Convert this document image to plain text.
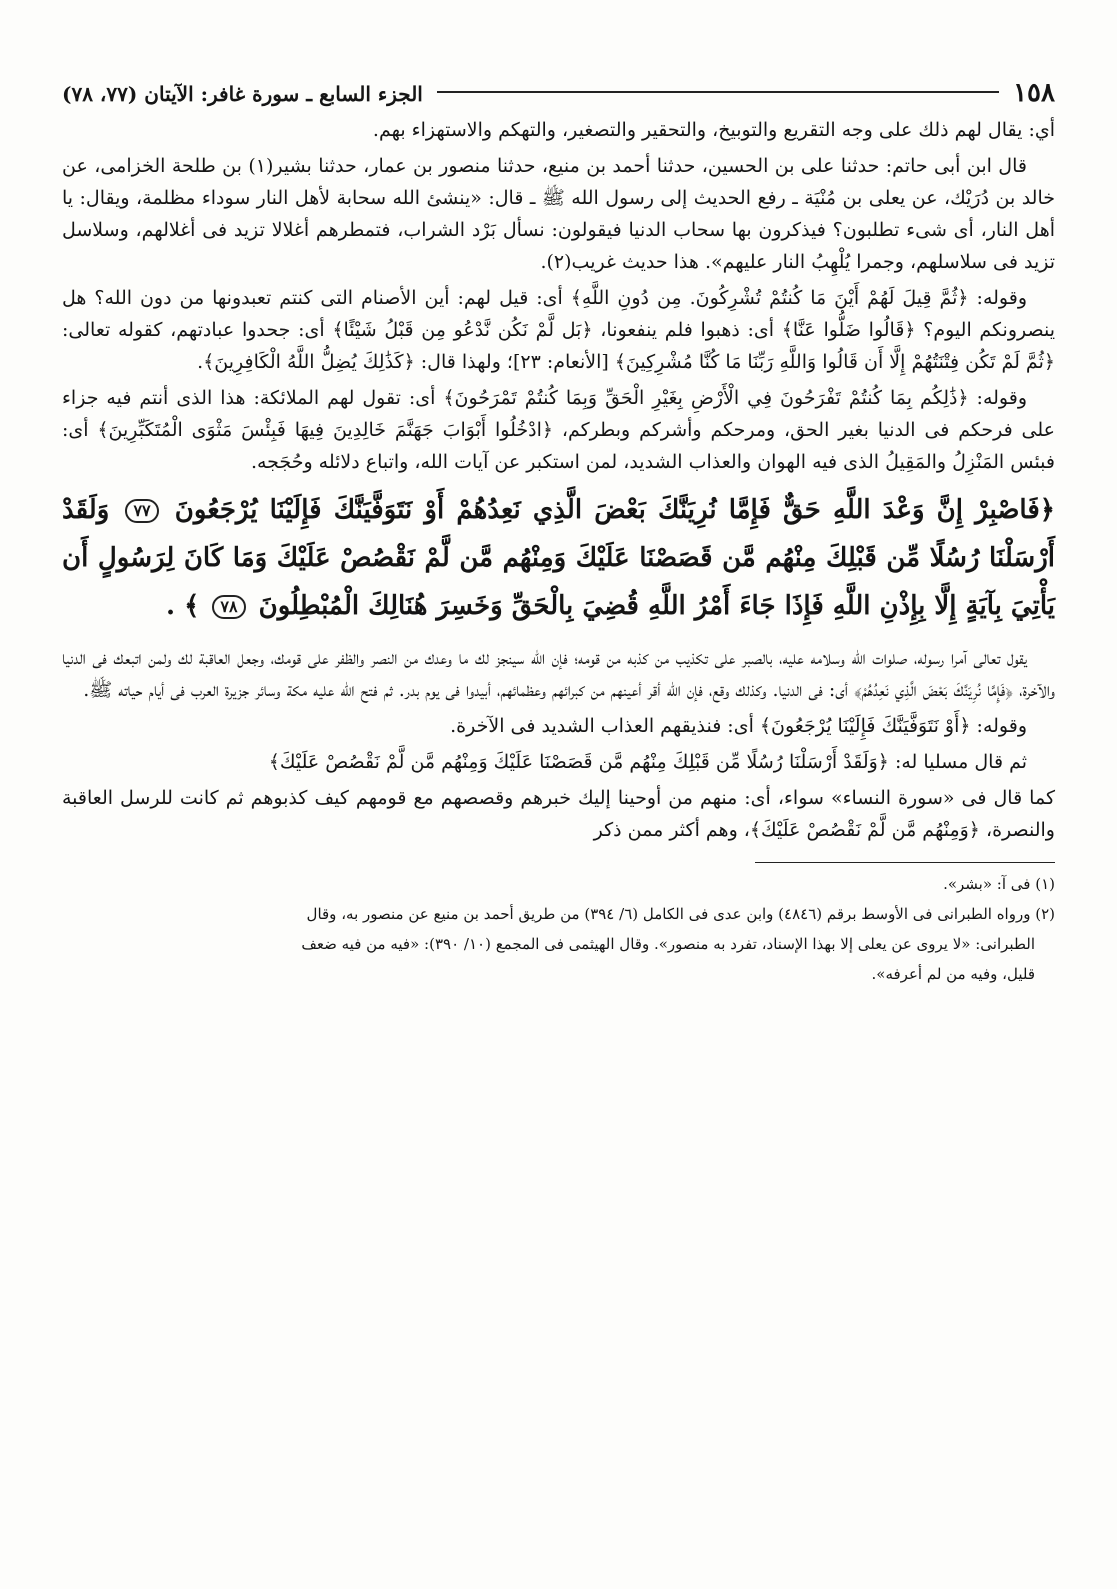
١٥٨
الجزء السابع ـ سورة غافر: الآيتان (٧٧، ٧٨)

أي: يقال لهم ذلك على وجه التقريع والتوبيخ، والتحقير والتصغير، والتهكم والاستهزاء بهم.

قال ابن أبى حاتم: حدثنا على بن الحسين، حدثنا أحمد بن منيع، حدثنا منصور بن عمار، حدثنا بشير(١) بن طلحة الخزامى، عن خالد بن دُرَيْك، عن يعلى بن مُنْيَة ـ رفع الحديث إلى رسول الله ﷺ ـ قال: «ينشئ الله سحابة لأهل النار سوداء مظلمة، ويقال: يا أهل النار، أى شىء تطلبون؟ فيذكرون بها سحاب الدنيا فيقولون: نسأل بَرْد الشراب، فتمطرهم أغلالا تزيد فى أغلالهم، وسلاسل تزيد فى سلاسلهم، وجمرا يُلْهِبُ النار عليهم». هذا حديث غريب(٢).

وقوله: ﴿ثُمَّ قِيلَ لَهُمْ أَيْنَ مَا كُنتُمْ تُشْرِكُونَ. مِن دُونِ اللَّهِ﴾ أى: قيل لهم: أين الأصنام التى كنتم تعبدونها من دون الله؟ هل ينصرونكم اليوم؟ ﴿قَالُوا ضَلُّوا عَنَّا﴾ أى: ذهبوا فلم ينفعونا، ﴿بَل لَّمْ نَكُن نَّدْعُو مِن قَبْلُ شَيْئًا﴾ أى: جحدوا عبادتهم، كقوله تعالى: ﴿ثُمَّ لَمْ تَكُن فِتْنَتُهُمْ إِلَّا أَن قَالُوا وَاللَّهِ رَبِّنَا مَا كُنَّا مُشْرِكِينَ﴾ [الأنعام: ٢٣]؛ ولهذا قال: ﴿كَذَٰلِكَ يُضِلُّ اللَّهُ الْكَافِرِينَ﴾.

وقوله: ﴿ذَٰلِكُم بِمَا كُنتُمْ تَفْرَحُونَ فِي الْأَرْضِ بِغَيْرِ الْحَقِّ وَبِمَا كُنتُمْ تَمْرَحُونَ﴾ أى: تقول لهم الملائكة: هذا الذى أنتم فيه جزاء على فرحكم فى الدنيا بغير الحق، ومرحكم وأشركم وبطركم، ﴿ادْخُلُوا أَبْوَابَ جَهَنَّمَ خَالِدِينَ فِيهَا فَبِئْسَ مَثْوَى الْمُتَكَبِّرِينَ﴾ أى: فبئس المَنْزِلُ والمَقِيلُ الذى فيه الهوان والعذاب الشديد، لمن استكبر عن آيات الله، واتباع دلائله وحُجَجه.

﴿فَاصْبِرْ إِنَّ وَعْدَ اللَّهِ حَقٌّ فَإِمَّا نُرِيَنَّكَ بَعْضَ الَّذِي نَعِدُهُمْ أَوْ نَتَوَفَّيَنَّكَ فَإِلَيْنَا يُرْجَعُونَ ٧٧ وَلَقَدْ أَرْسَلْنَا رُسُلًا مِّن قَبْلِكَ مِنْهُم مَّن قَصَصْنَا عَلَيْكَ وَمِنْهُم مَّن لَّمْ نَقْصُصْ عَلَيْكَ وَمَا كَانَ لِرَسُولٍ أَن يَأْتِيَ بِآيَةٍ إِلَّا بِإِذْنِ اللَّهِ فَإِذَا جَاءَ أَمْرُ اللَّهِ قُضِيَ بِالْحَقِّ وَخَسِرَ هُنَالِكَ الْمُبْطِلُونَ ٧٨ ﴾ .

يقول تعالى آمرا رسوله، صلوات الله وسلامه عليه، بالصبر على تكذيب من كذبه من قومه؛ فإن الله سينجز لك ما وعدك من النصر والظفر على قومك، وجعل العاقبة لك ولمن اتبعك فى الدنيا والآخرة، ﴿فَإِمَّا نُرِيَنَّكَ بَعْضَ الَّذِي نَعِدُهُمْ﴾ أى: فى الدنيا. وكذلك وقع، فإن الله أقر أعينهم من كبرائهم وعظمائهم، أبيدوا فى يوم بدر. ثم فتح الله عليه مكة وسائر جزيرة العرب فى أيام حياته ﷺ.

وقوله: ﴿أَوْ نَتَوَفَّيَنَّكَ فَإِلَيْنَا يُرْجَعُونَ﴾ أى: فنذيقهم العذاب الشديد فى الآخرة.

ثم قال مسليا له: ﴿وَلَقَدْ أَرْسَلْنَا رُسُلًا مِّن قَبْلِكَ مِنْهُم مَّن قَصَصْنَا عَلَيْكَ وَمِنْهُم مَّن لَّمْ نَقْصُصْ عَلَيْكَ﴾

كما قال فى «سورة النساء» سواء، أى: منهم من أوحينا إليك خبرهم وقصصهم مع قومهم كيف كذبوهم ثم كانت للرسل العاقبة والنصرة، ﴿وَمِنْهُم مَّن لَّمْ نَقْصُصْ عَلَيْكَ﴾، وهم أكثر ممن ذكر

(١) فى آ: «بشر».

(٢) ورواه الطبرانى فى الأوسط برقم (٤٨٤٦) وابن عدى فى الكامل (٦/ ٣٩٤) من طريق أحمد بن منيع عن منصور به، وقال

الطبرانى: «لا يروى عن يعلى إلا بهذا الإسناد، تفرد به منصور». وقال الهيثمى فى المجمع (١٠/ ٣٩٠): «فيه من فيه ضعف

قليل، وفيه من لم أعرفه».
